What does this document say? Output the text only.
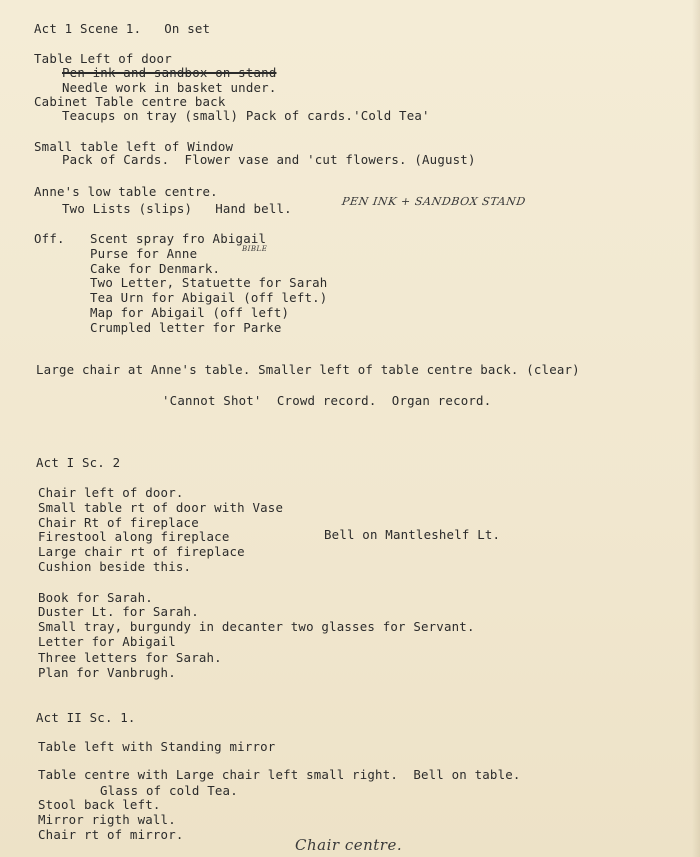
Act 1 Scene 1.   On set
Table Left of door
Pen ink and sandbox on stand
Needle work in basket under.
Cabinet Table centre back
Teacups on tray (small) Pack of cards.'Cold Tea'
Small table left of Window
Pack of Cards.  Flower vase and 'cut flowers. (August)
Anne's low table centre.
Two Lists (slips)   Hand bell.	PEN INK + SANDBOX STAND
Off. Scent spray fro Abigail
Purse for Anne	BIBLE
Cake for Denmark.
Two Letter, Statuette for Sarah
Tea Urn for Abigail (off left.)
Map for Abigail (off left)
Crumpled letter for Parke
Large chair at Anne's table. Smaller left of table centre back. (clear)
'Cannot Shot'  Crowd record.  Organ record.
Act I Sc. 2
Chair left of door.
Small table rt of door with Vase
Chair Rt of fireplace
Firestool along fireplace	Bell on Mantleshelf Lt.
Large chair rt of fireplace
Cushion beside this.
Book for Sarah.
Duster Lt. for Sarah.
Small tray, burgundy in decanter two glasses for Servant.
Letter for Abigail
Three letters for Sarah.
Plan for Vanbrugh.
Act II Sc. 1.
Table left with Standing mirror
Table centre with Large chair left small right.  Bell on table.
Glass of cold Tea.
Stool back left.
Mirror rigth wall.
Chair rt of mirror.
Chair centre.
